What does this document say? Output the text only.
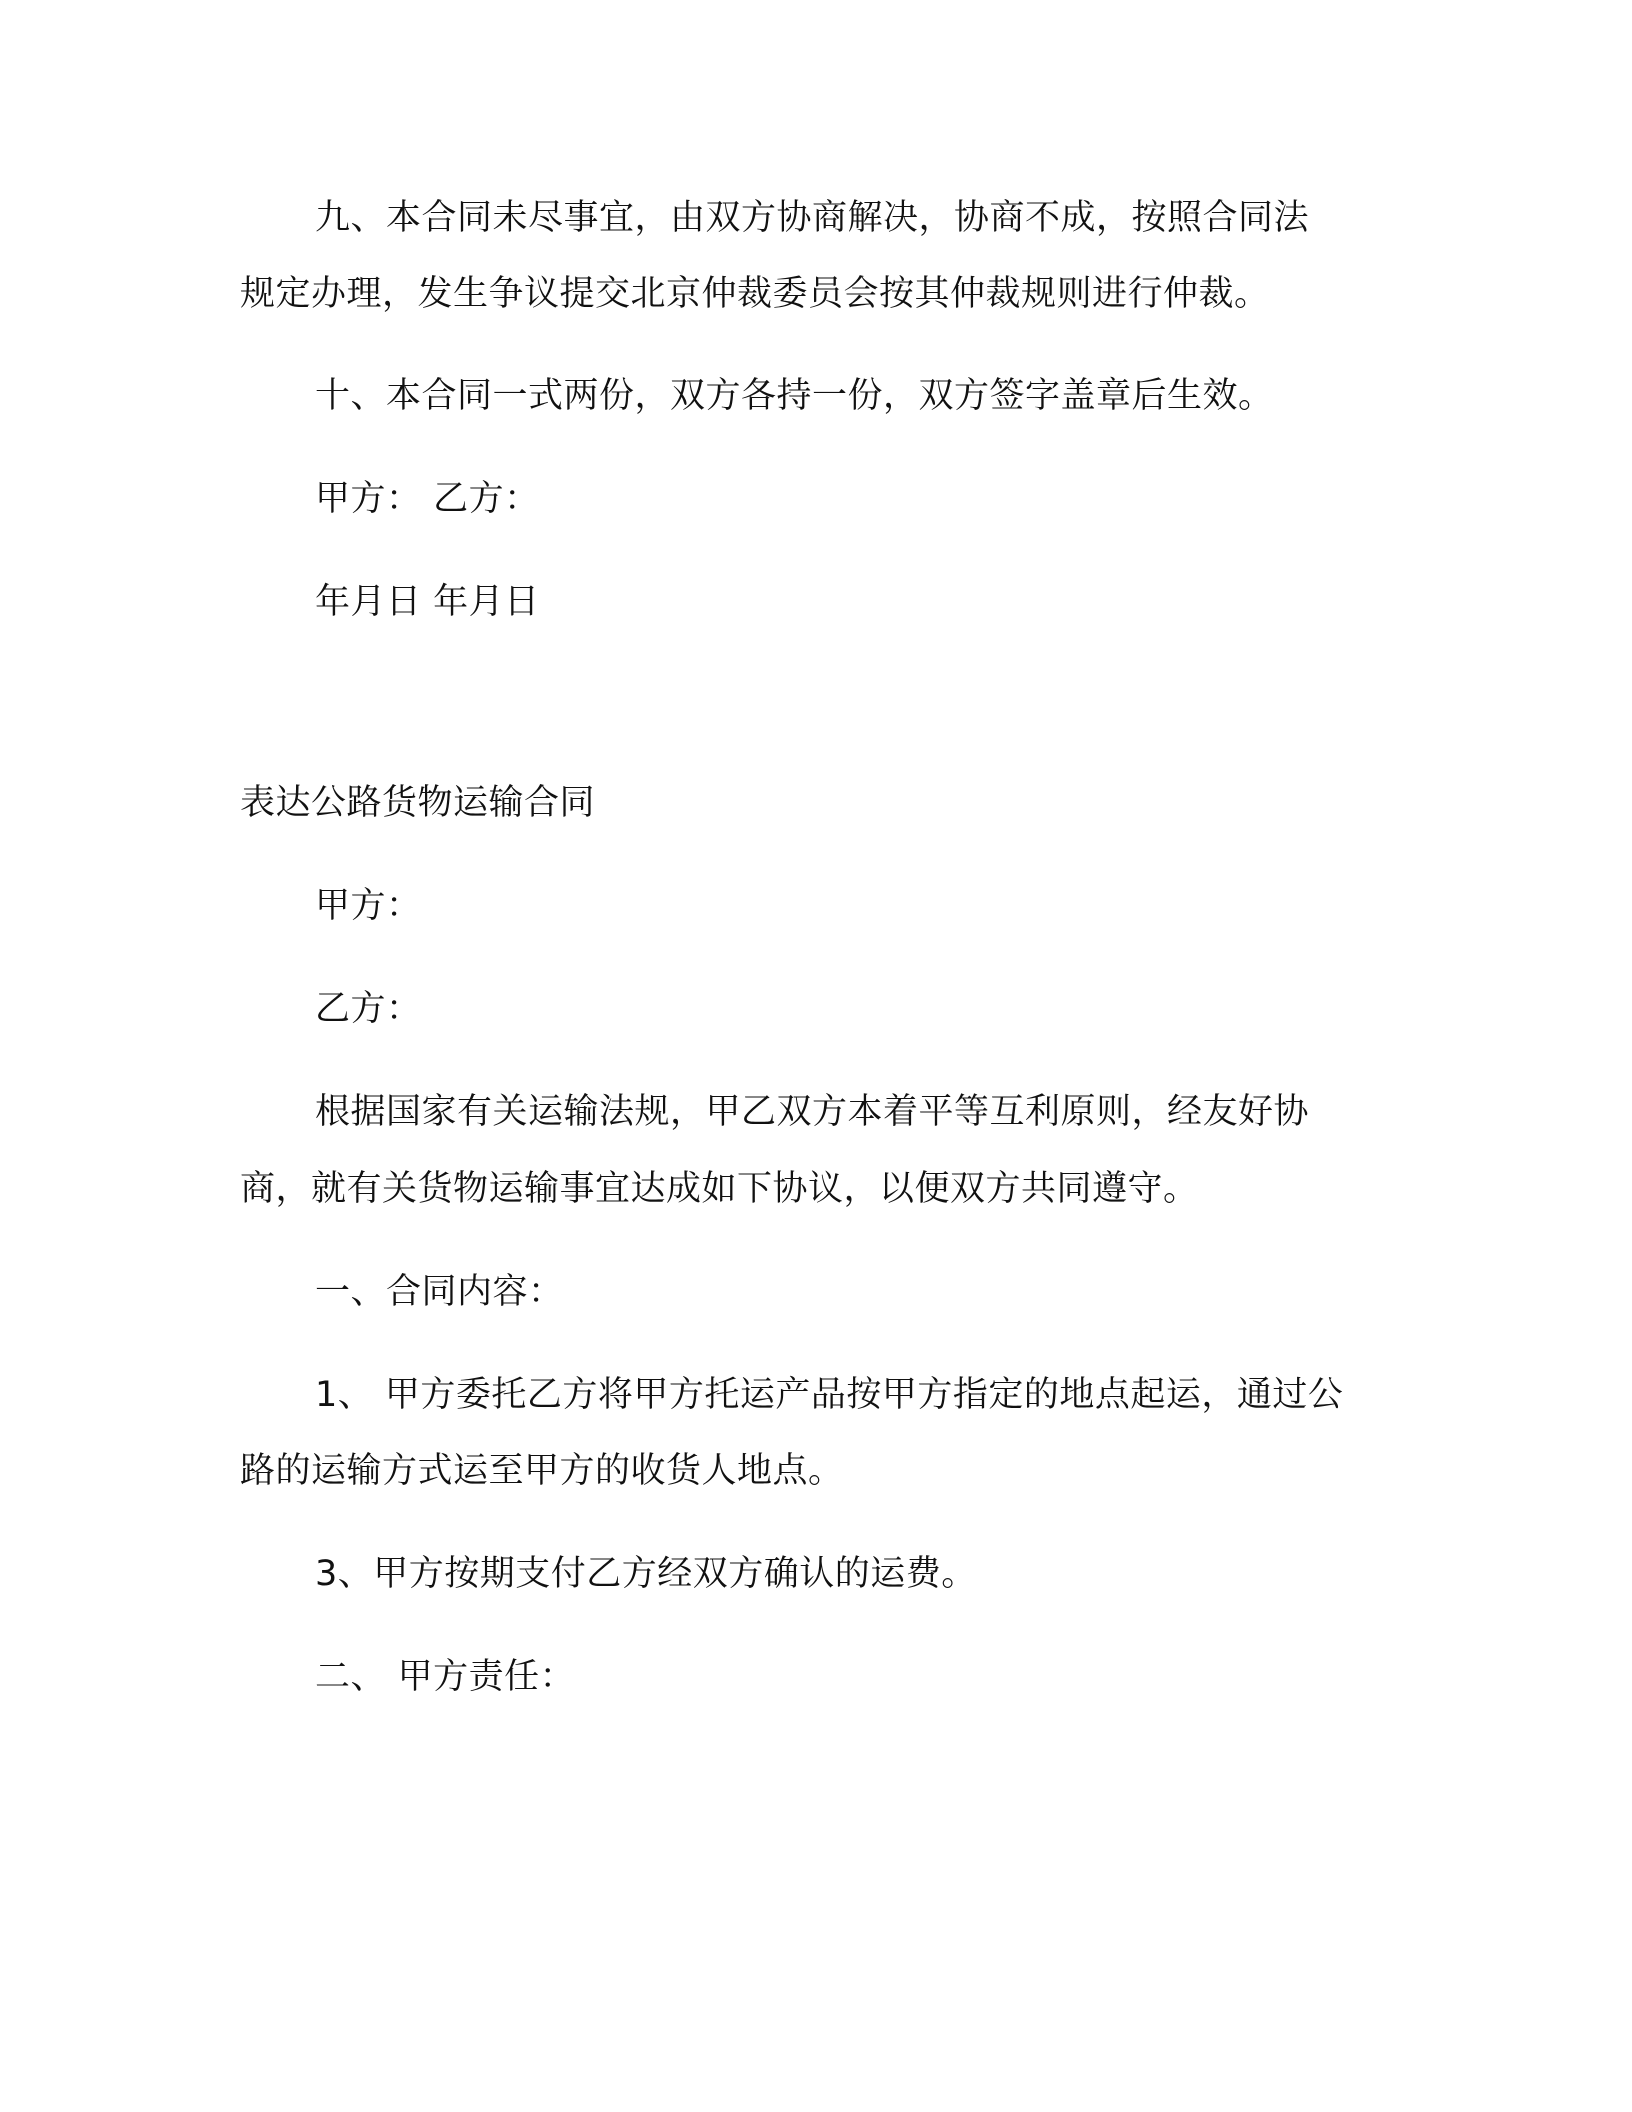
九、本合同未尽事宜，由双方协商解决，协商不成，按照合同法
规定办理，发生争议提交北京仲裁委员会按其仲裁规则进行仲裁。
十、本合同一式两份，双方各持一份，双方签字盖章后生效。
甲方： 乙方：
年月日 年月日
表达公路货物运输合同
甲方：
乙方：
根据国家有关运输法规，甲乙双方本着平等互利原则，经友好协
商，就有关货物运输事宜达成如下协议，以便双方共同遵守。
一、合同内容：
1、 甲方委托乙方将甲方托运产品按甲方指定的地点起运，通过公
路的运输方式运至甲方的收货人地点。
3、甲方按期支付乙方经双方确认的运费。
二、 甲方责任：
